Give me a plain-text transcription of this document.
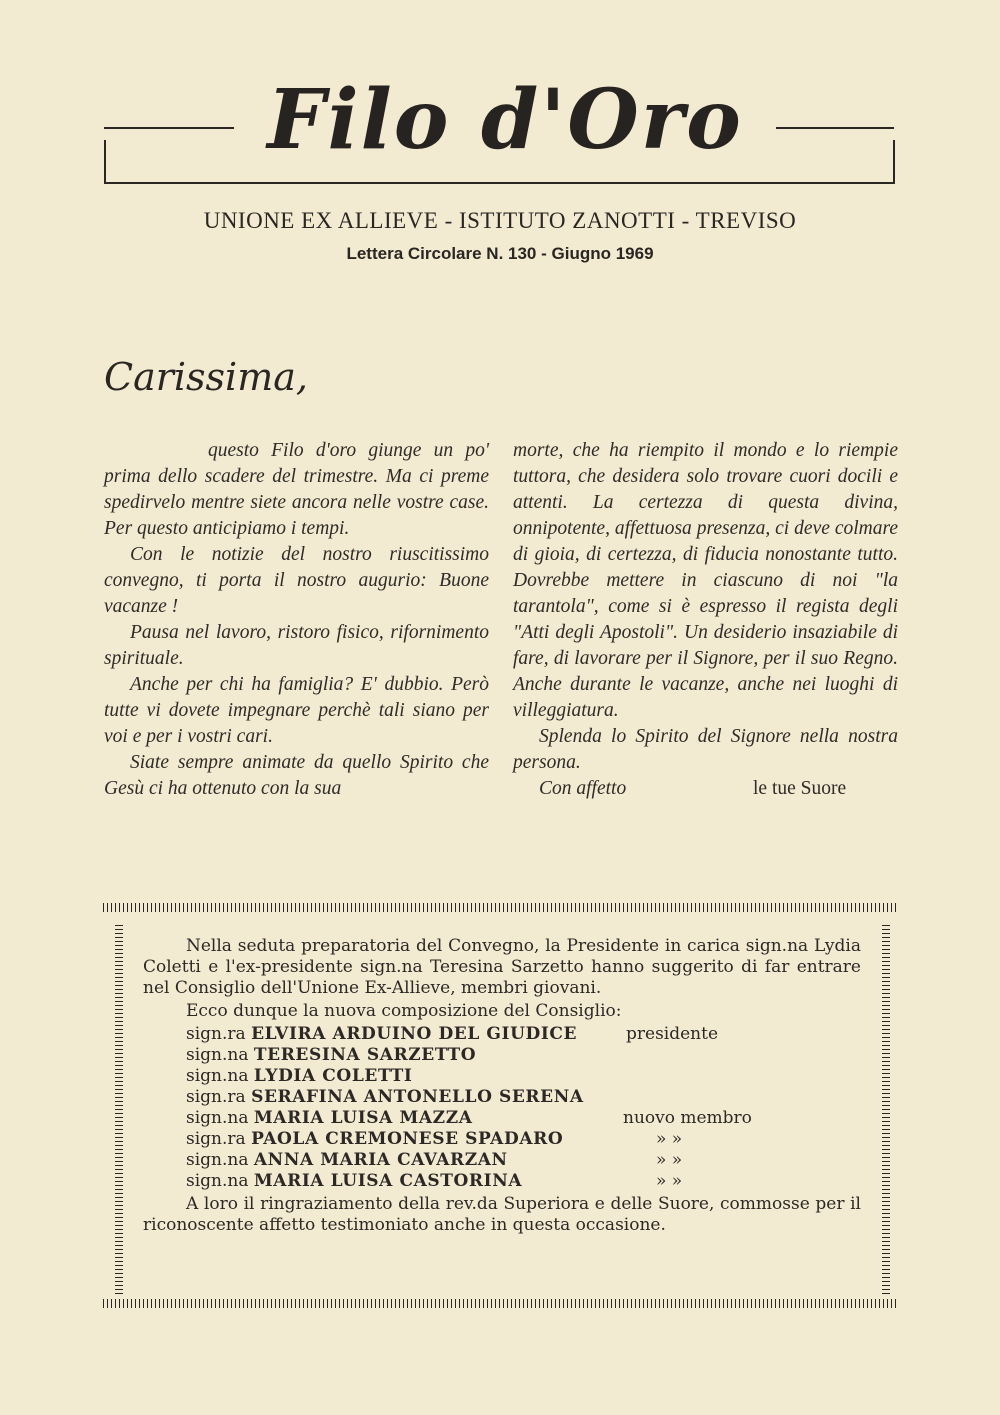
Filo d'Oro
UNIONE EX ALLIEVE - ISTITUTO ZANOTTI - TREVISO
Lettera Circolare N. 130 - Giugno 1969
Carissima,

questo Filo d'oro giunge un po' prima dello scadere del trimestre. Ma ci preme spedirvelo mentre siete ancora nelle vostre case. Per questo anticipiamo i tempi.

Con le notizie del nostro riuscitissimo convegno, ti porta il nostro augurio: Buone vacanze !

Pausa nel lavoro, ristoro fisico, rifornimento spirituale.

Anche per chi ha famiglia? E' dubbio. Però tutte vi dovete impegnare perchè tali siano per voi e per i vostri cari.

Siate sempre animate da quello Spirito che Gesù ci ha ottenuto con la sua

morte, che ha riempito il mondo e lo riempie tuttora, che desidera solo trovare cuori docili e attenti. La certezza di questa divina, onnipotente, affettuosa presenza, ci deve colmare di gioia, di certezza, di fiducia nonostante tutto. Dovrebbe mettere in ciascuno di noi "la tarantola", come si è espresso il regista degli "Atti degli Apostoli". Un desiderio insaziabile di fare, di lavorare per il Signore, per il suo Regno. Anche durante le vacanze, anche nei luoghi di villeggiatura.

Splenda lo Spirito del Signore nella nostra persona.

Con affetto	le tue Suore

Nella seduta preparatoria del Convegno, la Presidente in carica sign.na Lydia Coletti e l'ex-presidente sign.na Teresina Sarzetto hanno suggerito di far entrare nel Consiglio dell'Unione Ex-Allieve, membri giovani.

Ecco dunque la nuova composizione del Consiglio:

sign.ra ELVIRA ARDUINO DEL GIUDICE	presidente
sign.na TERESINA SARZETTO
sign.na LYDIA COLETTI
sign.ra SERAFINA ANTONELLO SERENA
sign.na MARIA LUISA MAZZA	nuovo membro
sign.ra PAOLA CREMONESE SPADARO	» »
sign.na ANNA MARIA CAVARZAN	» »
sign.na MARIA LUISA CASTORINA	» »

A loro il ringraziamento della rev.da Superiora e delle Suore, commosse per il riconoscente affetto testimoniato anche in questa occasione.
